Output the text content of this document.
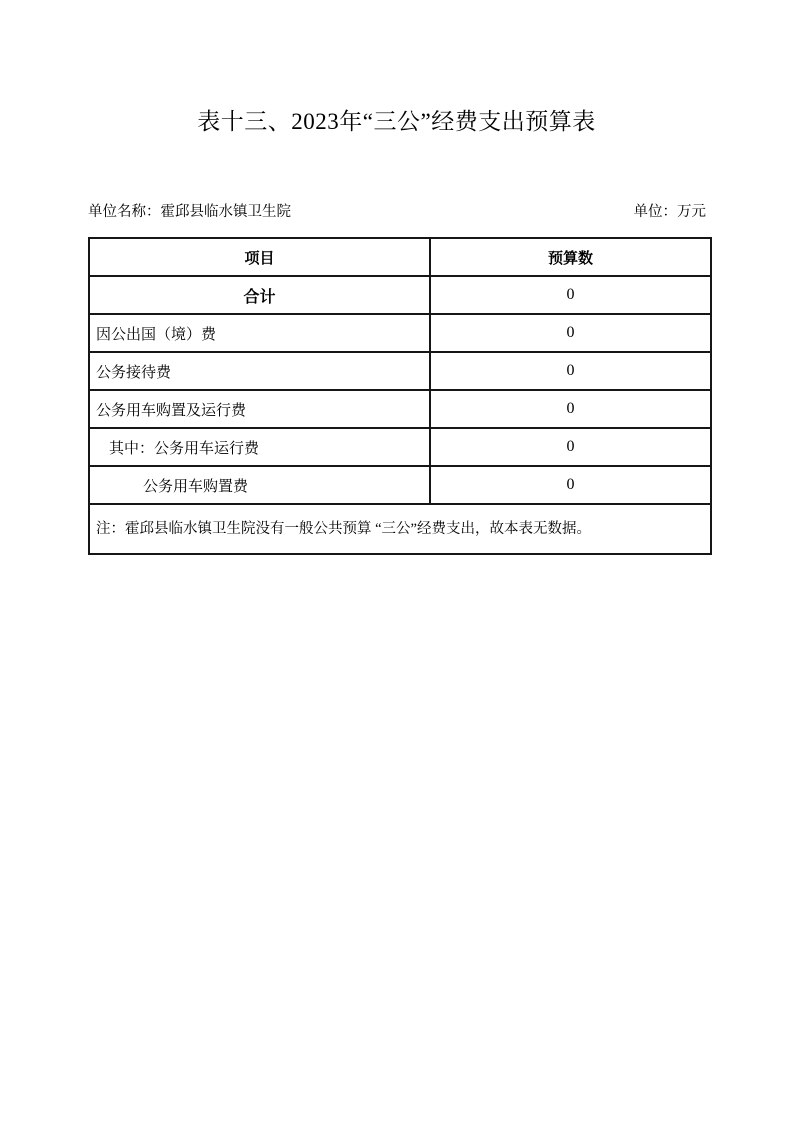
表十三、2023年“三公”经费支出预算表
单位名称：霍邱县临水镇卫生院	单位：万元
项目	预算数
合计	0
因公出国（境）费	0
公务接待费	0
公务用车购置及运行费	0
其中：公务用车运行费	0
公务用车购置费	0
注：霍邱县临水镇卫生院没有一般公共预算 “三公”经费支出，故本表无数据。	
